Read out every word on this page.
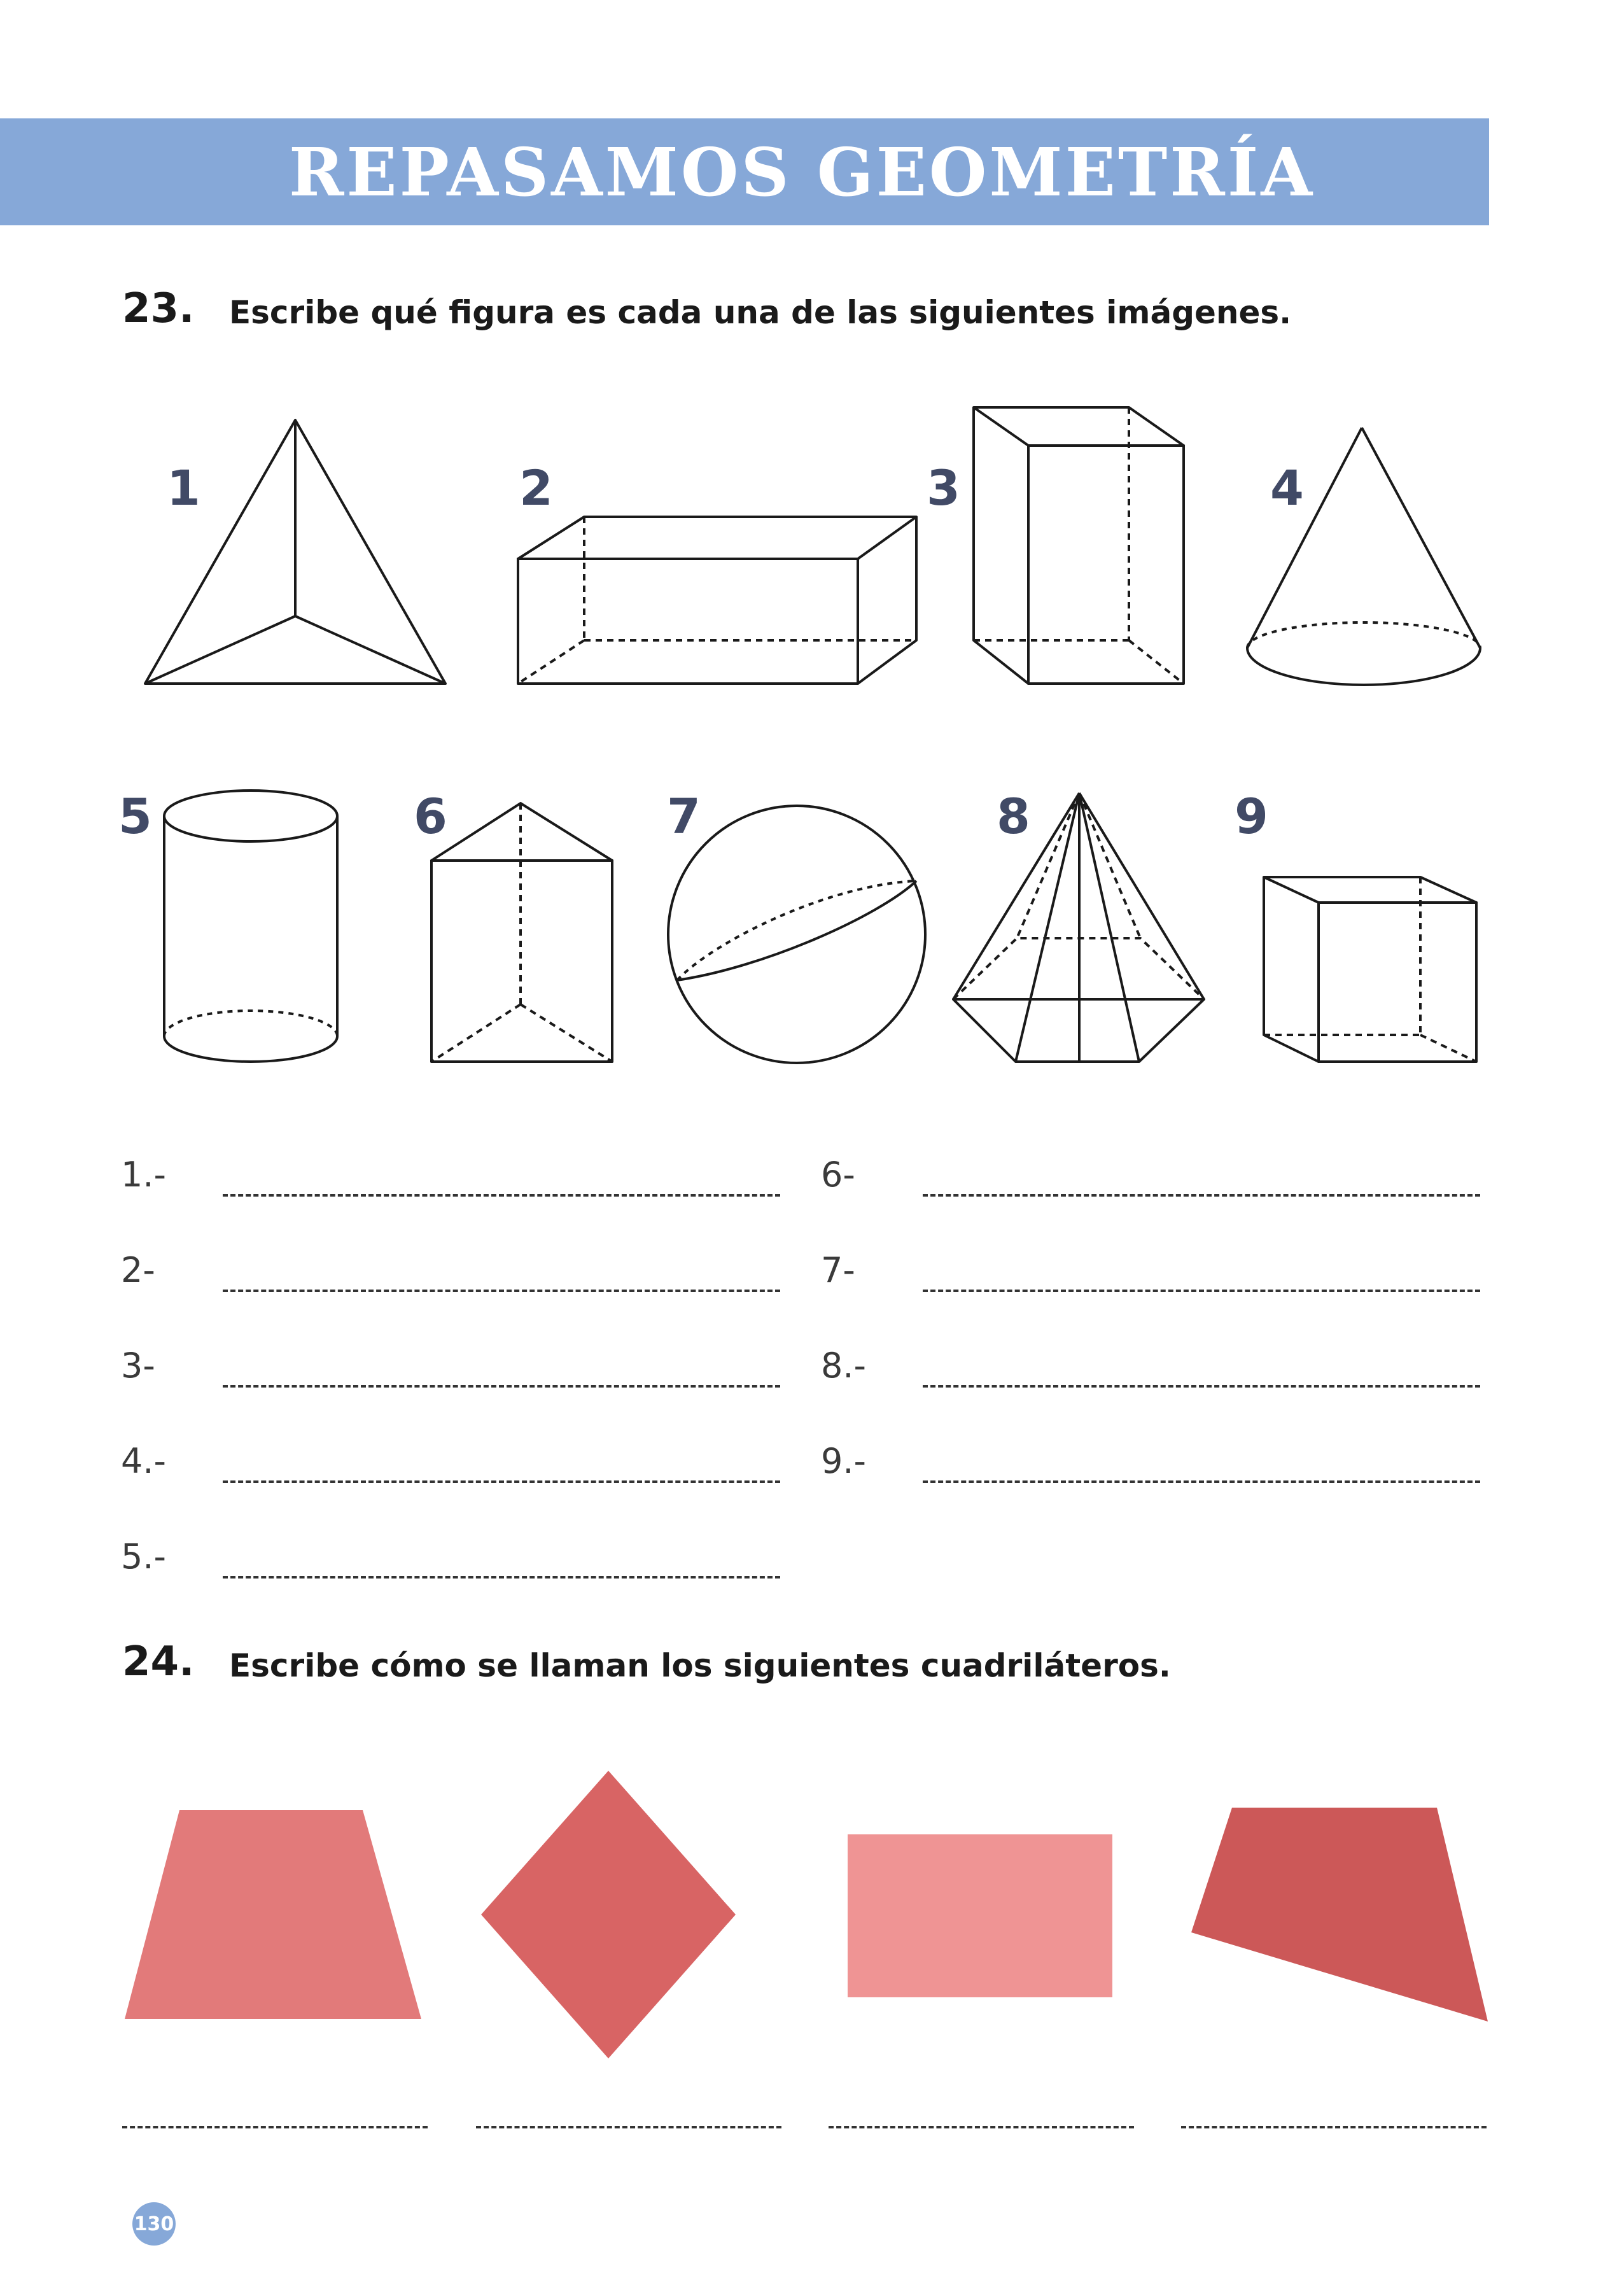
REPASAMOS GEOMETRÍA
23. Escribe qué figura es cada una de las siguientes imágenes.
1	2	3	4
5	6	7	8	9
1.-
2-
3-
4.-
5.-
6-
7-
8.-
9.-
24. Escribe cómo se llaman los siguientes cuadriláteros.
130
